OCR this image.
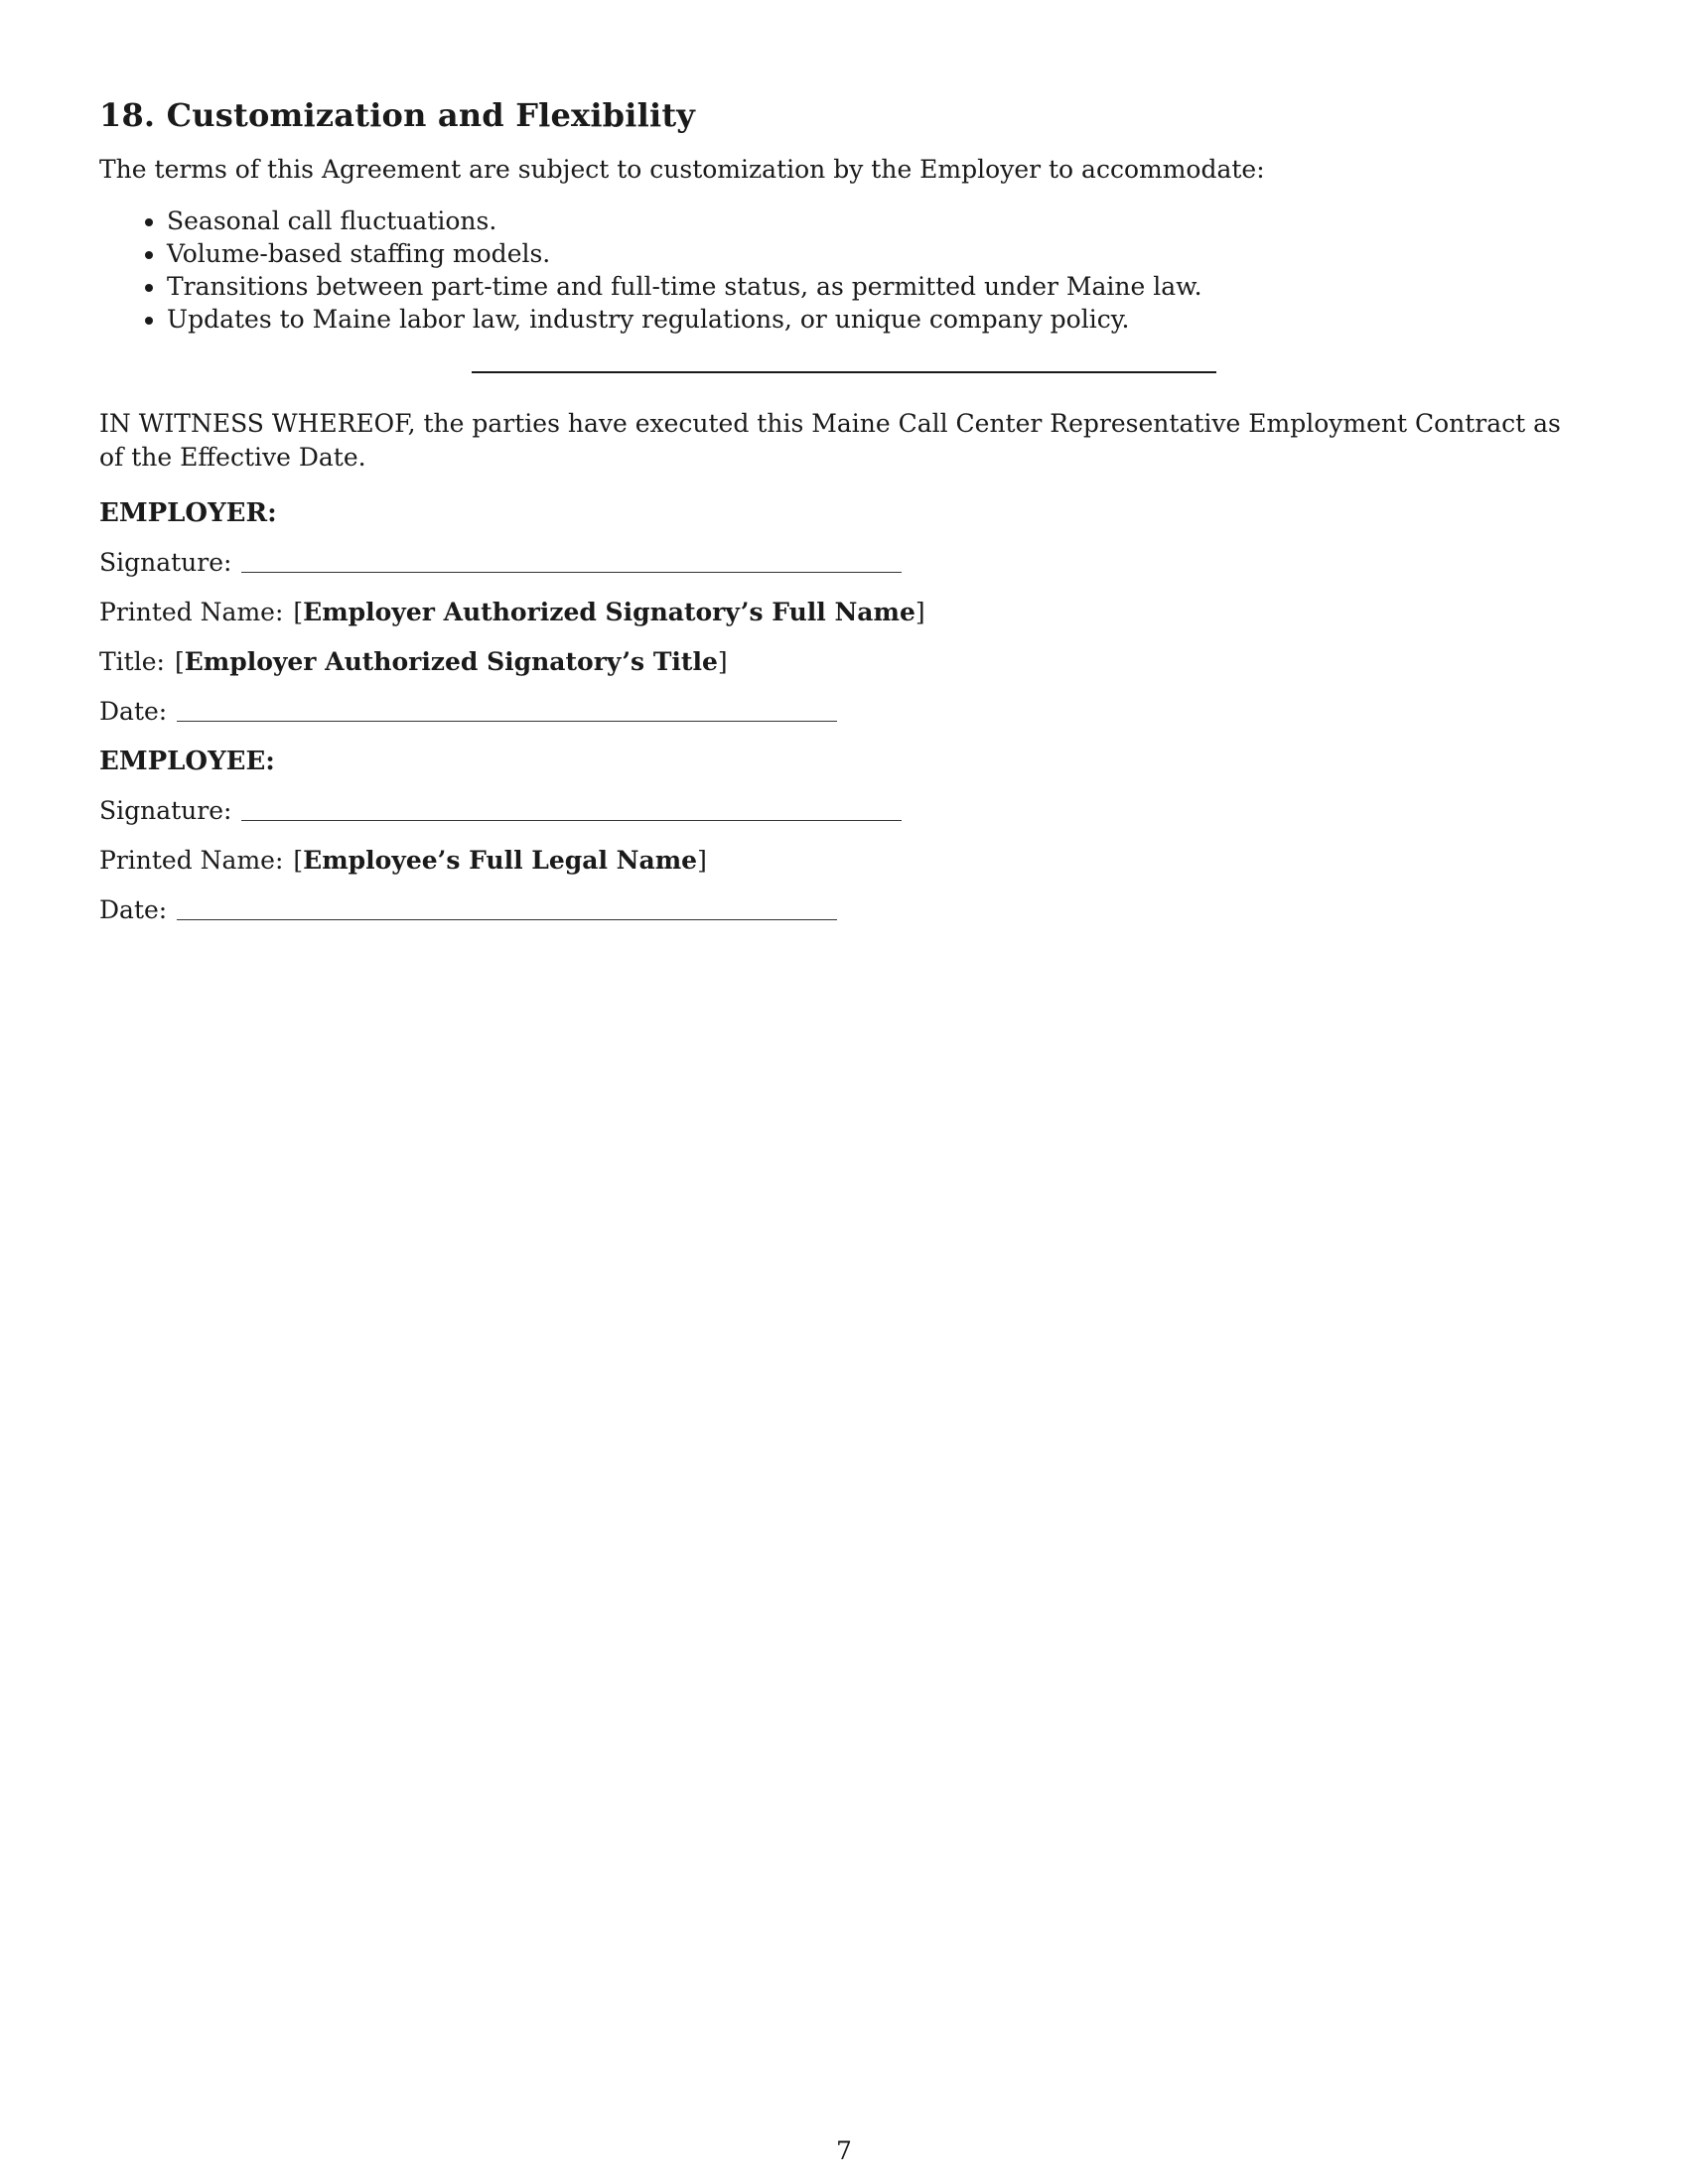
18. Customization and Flexibility

The terms of this Agreement are subject to customization by the Employer to accommodate:

• Seasonal call fluctuations.
• Volume-based staffing models.
• Transitions between part-time and full-time status, as permitted under Maine law.
• Updates to Maine labor law, industry regulations, or unique company policy.

IN WITNESS WHEREOF, the parties have executed this Maine Call Center Representative Employment Contract as of the Effective Date.

EMPLOYER:
Signature:
Printed Name: [Employer Authorized Signatory’s Full Name]
Title: [Employer Authorized Signatory’s Title]
Date:
EMPLOYEE:
Signature:
Printed Name: [Employee’s Full Legal Name]
Date:
7
